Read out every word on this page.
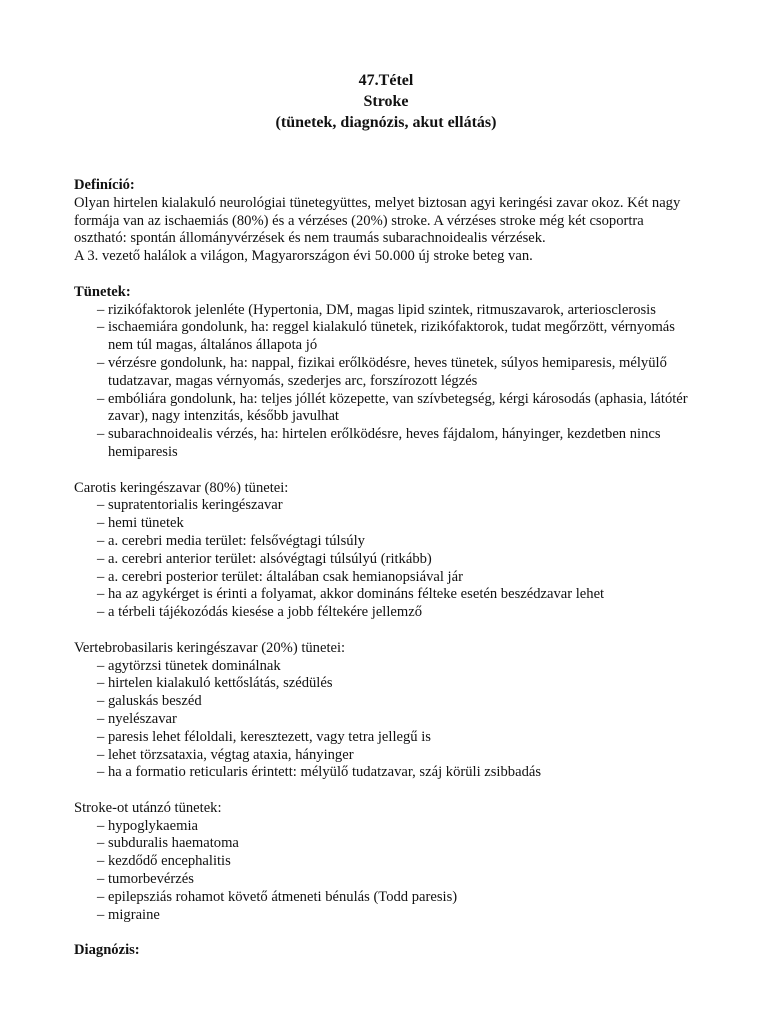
47.Tétel
Stroke
(tünetek, diagnózis, akut ellátás)

Definíció:

Olyan hirtelen kialakuló neurológiai tünetegyüttes, melyet biztosan agyi keringési zavar okoz. Két nagy formája van az ischaemiás (80%) és a vérzéses (20%) stroke. A vérzéses stroke még két csoportra osztható: spontán állományvérzések és nem traumás subarachnoidealis vérzések.

A 3. vezető halálok a világon, Magyarországon évi 50.000 új stroke beteg van.

Tünetek:

– rizikófaktorok jelenléte (Hypertonia, DM, magas lipid szintek, ritmuszavarok, arteriosclerosis
– ischaemiára gondolunk, ha: reggel kialakuló tünetek, rizikófaktorok, tudat megőrzött, vérnyomás nem túl magas, általános állapota jó
– vérzésre gondolunk, ha: nappal, fizikai erőlködésre, heves tünetek, súlyos hemiparesis, mélyülő tudatzavar, magas vérnyomás, szederjes arc, forszírozott légzés
– embóliára gondolunk, ha: teljes jóllét közepette, van szívbetegség, kérgi károsodás (aphasia, látótér zavar), nagy intenzitás, később javulhat
– subarachnoidealis vérzés, ha: hirtelen erőlködésre, heves fájdalom, hányinger, kezdetben nincs hemiparesis

Carotis keringészavar (80%) tünetei:

– supratentorialis keringészavar
– hemi tünetek
– a. cerebri media terület: felsővégtagi túlsúly
– a. cerebri anterior terület: alsóvégtagi túlsúlyú (ritkább)
– a. cerebri posterior terület: általában csak hemianopsiával jár
– ha az agykérget is érinti a folyamat, akkor domináns félteke esetén beszédzavar lehet
– a térbeli tájékozódás kiesése a jobb féltekére jellemző

Vertebrobasilaris keringészavar (20%) tünetei:

– agytörzsi tünetek dominálnak
– hirtelen kialakuló kettőslátás, szédülés
– galuskás beszéd
– nyelészavar
– paresis lehet féloldali, keresztezett, vagy tetra jellegű is
– lehet törzsataxia, végtag ataxia, hányinger
– ha a formatio reticularis érintett: mélyülő tudatzavar, száj körüli zsibbadás

Stroke-ot utánzó tünetek:

– hypoglykaemia
– subduralis haematoma
– kezdődő encephalitis
– tumorbevérzés
– epilepsziás rohamot követő átmeneti bénulás (Todd paresis)
– migraine

Diagnózis:
